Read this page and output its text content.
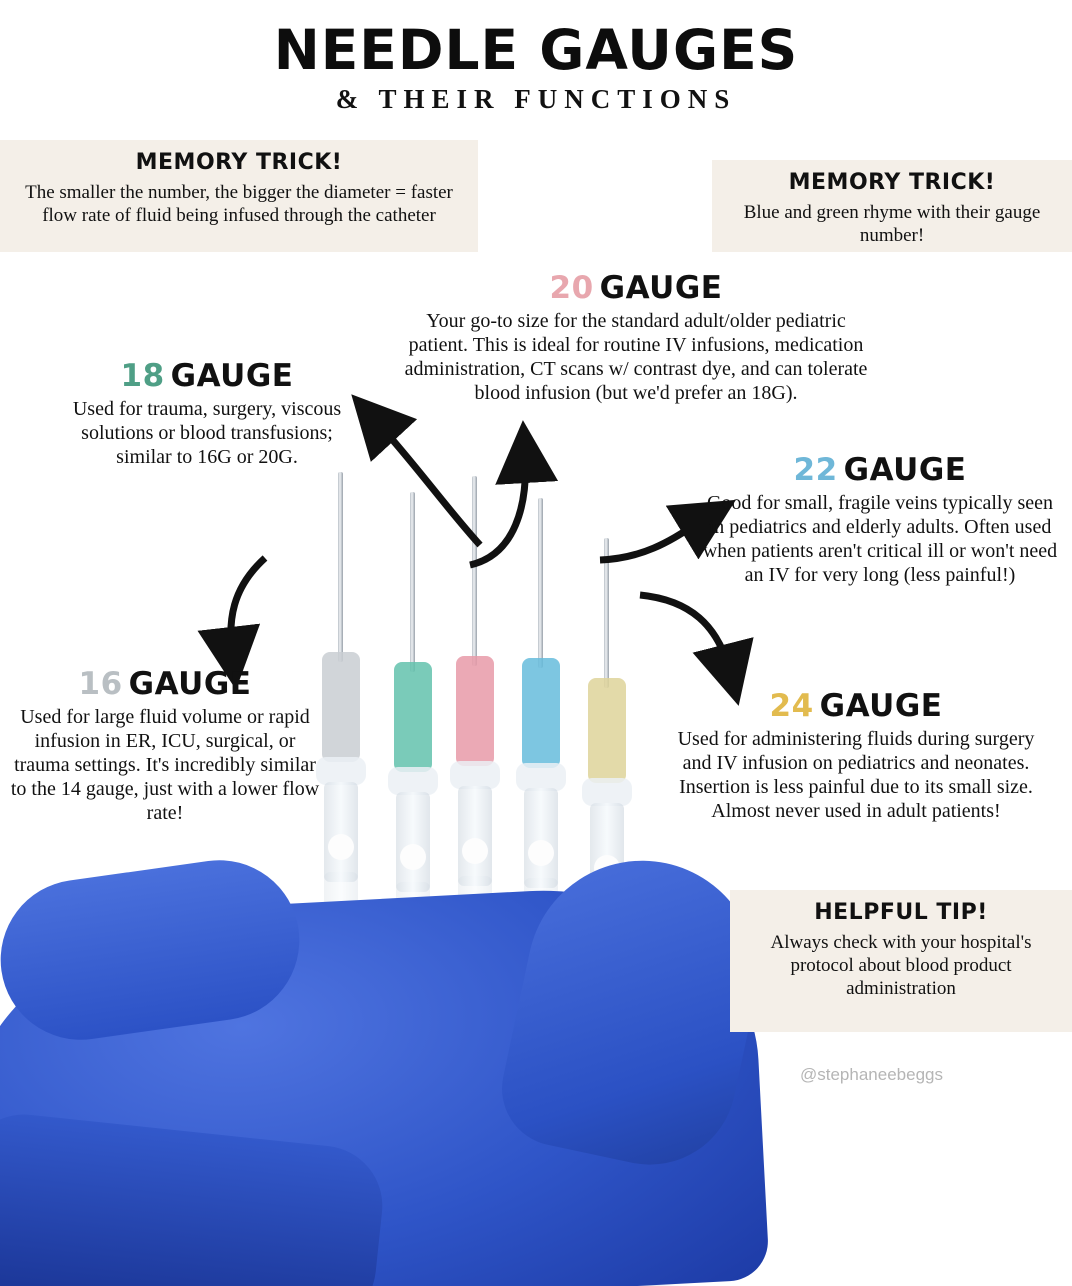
NEEDLE GAUGES
& THEIR FUNCTIONS
@stephaneebeggs
MEMORY TRICK!
The smaller the number, the bigger the diameter = faster flow rate of fluid being infused through the catheter
MEMORY TRICK!
Blue and green rhyme with their gauge number!
HELPFUL TIP!
Always check with your hospital's protocol about blood product administration
18 GAUGE
Used for trauma, surgery, viscous solutions or blood transfusions; similar to 16G or 20G.
20 GAUGE
Your go-to size for the standard adult/older pediatric patient. This is ideal for routine IV infusions, medication administration, CT scans w/ contrast dye, and can tolerate blood infusion (but we'd prefer an 18G).
22 GAUGE
Good for small, fragile veins typically seen in pediatrics and elderly adults. Often used when patients aren't critical ill or won't need an IV for very long (less painful!)
16 GAUGE
Used for large fluid volume or rapid infusion in ER, ICU, surgical, or trauma settings. It's incredibly similar to the 14 gauge, just with a lower flow rate!
24 GAUGE
Used for administering fluids during surgery and IV infusion on pediatrics and neonates. Insertion is less painful due to its small size. Almost never used in adult patients!
